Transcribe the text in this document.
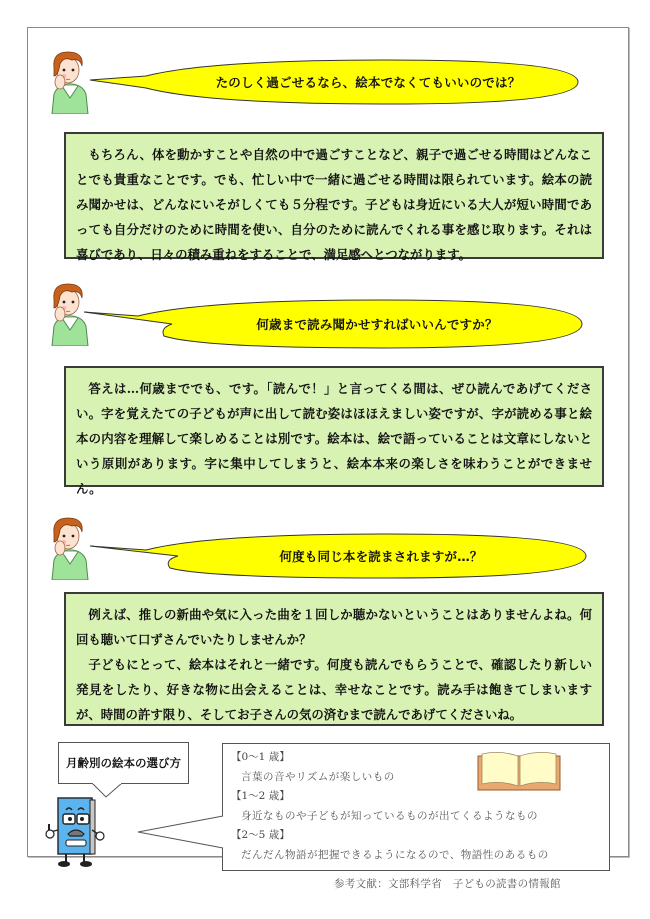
たのしく過ごせるなら、絵本でなくてもいいのでは？

もちろん、体を動かすことや自然の中で過ごすことなど、親子で過ごせる時間はどんなことでも貴重なことです。でも、忙しい中で一緒に過ごせる時間は限られています。絵本の読み聞かせは、どんなにいそがしくても５分程です。子どもは身近にいる大人が短い時間であっても自分だけのために時間を使い、自分のために読んでくれる事を感じ取ります。それは喜びであり、日々の積み重ねをすることで、満足感へとつながります。

何歳まで読み聞かせすればいいんですか？

答えは…何歳まででも、です。「読んで！」と言ってくる間は、ぜひ読んであげてください。字を覚えたての子どもが声に出して読む姿はほほえましい姿ですが、字が読める事と絵本の内容を理解して楽しめることは別です。絵本は、絵で語っていることは文章にしないという原則があります。字に集中してしまうと、絵本本来の楽しさを味わうことができません。

何度も同じ本を読まされますが…？

例えば、推しの新曲や気に入った曲を１回しか聴かないということはありませんよね。何回も聴いて口ずさんでいたりしませんか？

子どもにとって、絵本はそれと一緒です。何度も読んでもらうことで、確認したり新しい発見をしたり、好きな物に出会えることは、幸せなことです。読み手は飽きてしまいますが、時間の許す限り、そしてお子さんの気の済むまで読んであげてくださいね。

月齢別の絵本の選び方	【0～1 歳】
言葉の音やリズムが楽しいもの
【1～2 歳】
身近なものや子どもが知っているものが出てくるようなもの
【2～5 歳】
だんだん物語が把握できるようになるので、物語性のあるもの
参考文献：文部科学省　子どもの読書の情報館
